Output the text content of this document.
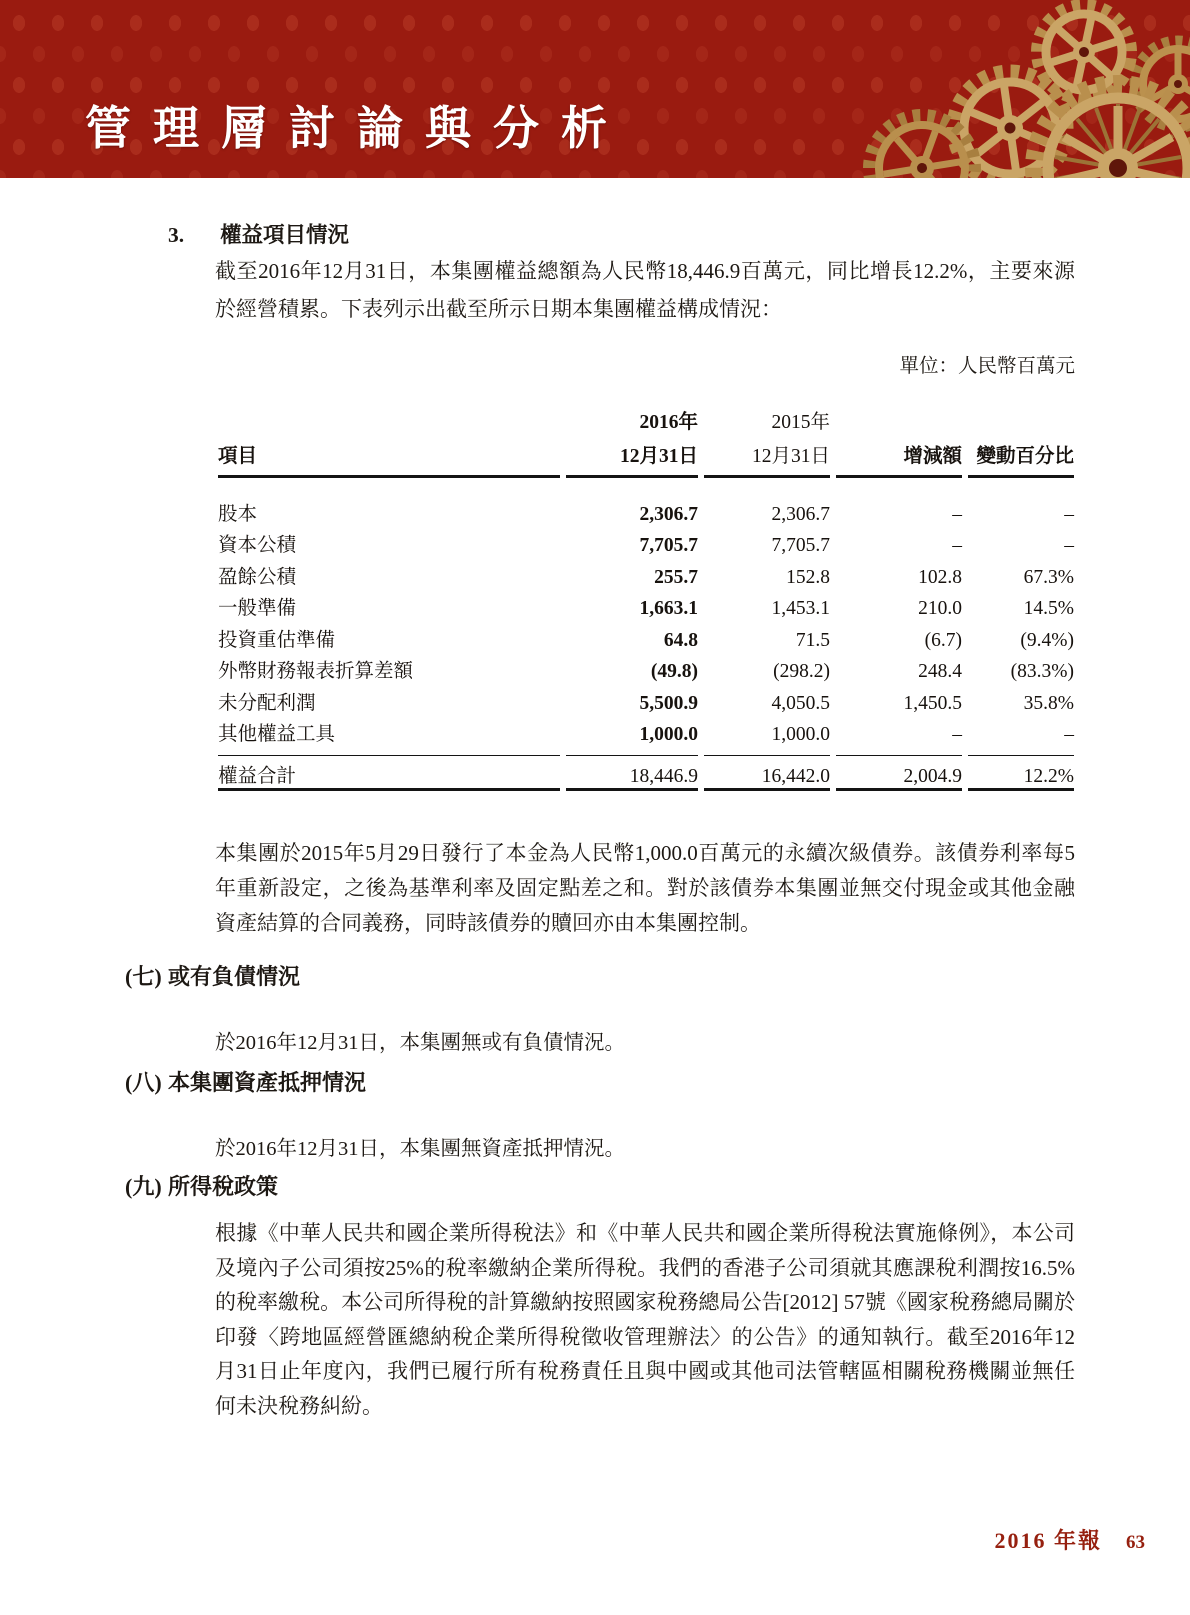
管理層討論與分析
3. 權益項目情況

截至2016年12月31日，本集團權益總額為人民幣18,446.9百萬元，同比增長12.2%，主要來源於經營積累。下表列示出截至所示日期本集團權益構成情況：

單位：人民幣百萬元
	2016年	2015年		
項目	12月31日	12月31日	增減額	變動百分比
股本	2,306.7	2,306.7	–	–
資本公積	7,705.7	7,705.7	–	–
盈餘公積	255.7	152.8	102.8	67.3%
一般準備	1,663.1	1,453.1	210.0	14.5%
投資重估準備	64.8	71.5	(6.7)	(9.4%)
外幣財務報表折算差額	(49.8)	(298.2)	248.4	(83.3%)
未分配利潤	5,500.9	4,050.5	1,450.5	35.8%
其他權益工具	1,000.0	1,000.0	–	–
權益合計	18,446.9	16,442.0	2,004.9	12.2%

本集團於2015年5月29日發行了本金為人民幣1,000.0百萬元的永續次級債券。該債券利率每5年重新設定，之後為基準利率及固定點差之和。對於該債券本集團並無交付現金或其他金融資產結算的合同義務，同時該債券的贖回亦由本集團控制。

(七) 或有負債情況

於2016年12月31日，本集團無或有負債情況。

(八) 本集團資產抵押情況

於2016年12月31日，本集團無資產抵押情況。

(九) 所得稅政策

根據《中華人民共和國企業所得稅法》和《中華人民共和國企業所得稅法實施條例》，本公司及境內子公司須按25%的稅率繳納企業所得稅。我們的香港子公司須就其應課稅利潤按16.5%的稅率繳稅。本公司所得稅的計算繳納按照國家稅務總局公告[2012] 57號《國家稅務總局關於印發〈跨地區經營匯總納稅企業所得稅徵收管理辦法〉的公告》的通知執行。截至2016年12月31日止年度內，我們已履行所有稅務責任且與中國或其他司法管轄區相關稅務機關並無任何未決稅務糾紛。

2016 年報 63
